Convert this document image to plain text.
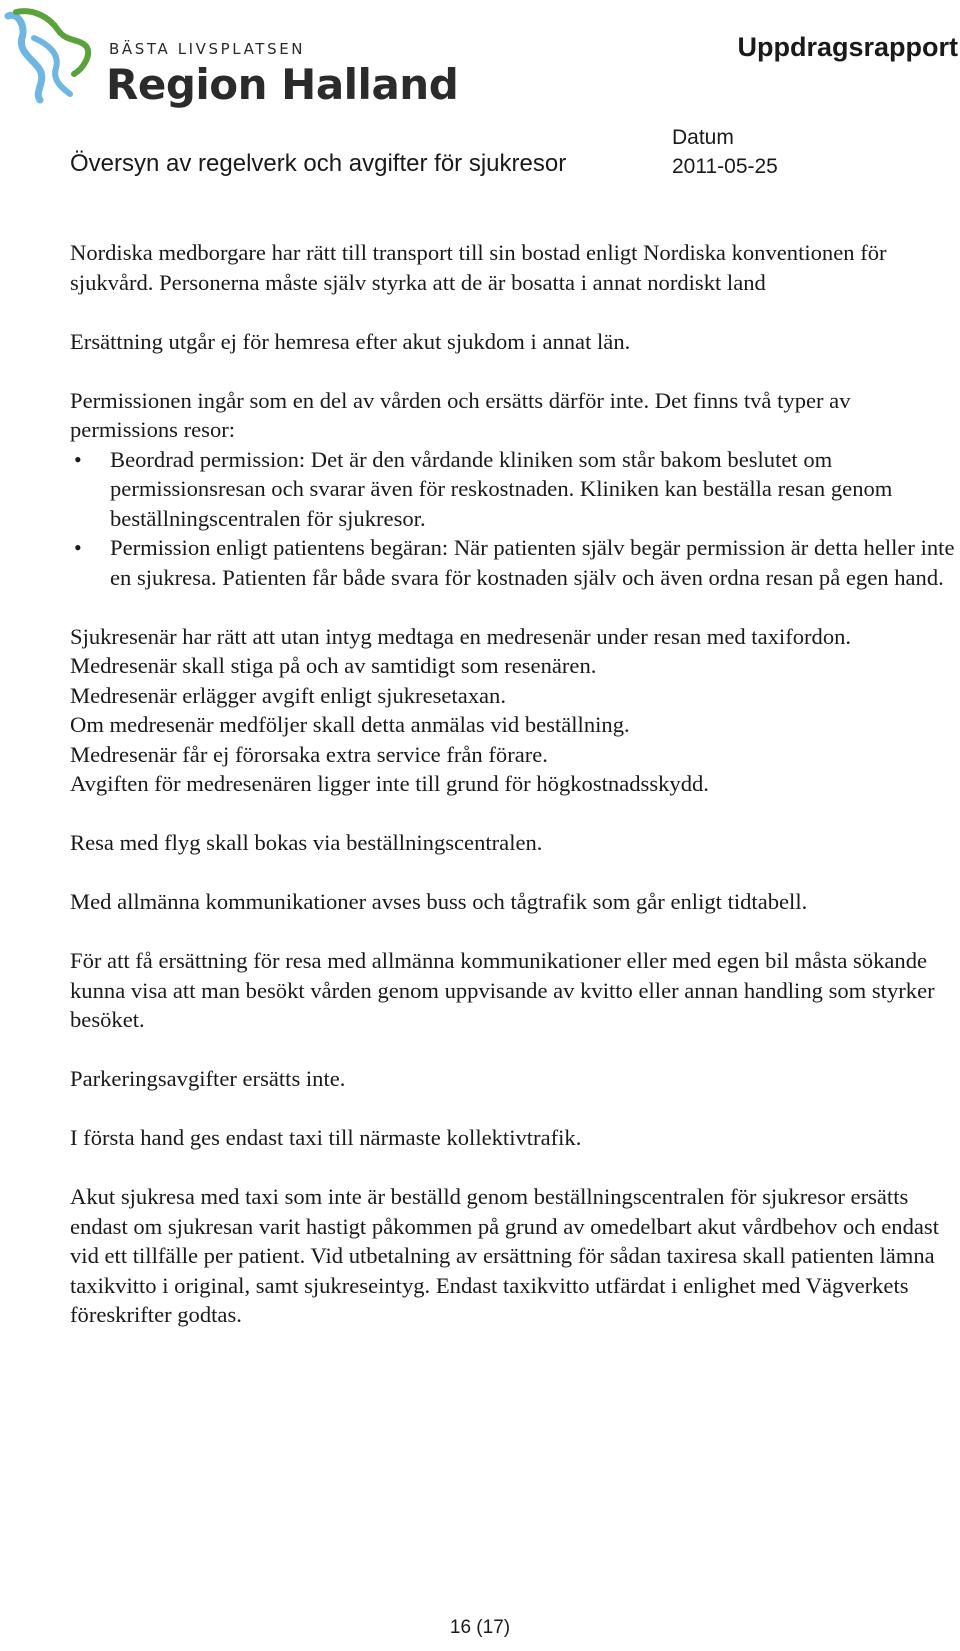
BÄSTA LIVSPLATSEN
Region Halland
Uppdragsrapport
Översyn av regelverk och avgifter för sjukresor
Datum
2011-05-25

Nordiska medborgare har rätt till transport till sin bostad enligt Nordiska konventionen för sjukvård. Personerna måste själv styrka att de är bosatta i annat nordiskt land

Ersättning utgår ej för hemresa efter akut sjukdom i annat län.

Permissionen ingår som en del av vården och ersätts därför inte. Det finns två typer av permissions resor:

• Beordrad permission: Det är den vårdande kliniken som står bakom beslutet om permissionsresan och svarar även för reskostnaden. Kliniken kan beställa resan genom beställningscentralen för sjukresor.
• Permission enligt patientens begäran: När patienten själv begär permission är detta heller inte en sjukresa. Patienten får både svara för kostnaden själv och även ordna resan på egen hand.

Sjukresenär har rätt att utan intyg medtaga en medresenär under resan med taxifordon.

Medresenär skall stiga på och av samtidigt som resenären.

Medresenär erlägger avgift enligt sjukresetaxan.

Om medresenär medföljer skall detta anmälas vid beställning.

Medresenär får ej förorsaka extra service från förare.

Avgiften för medresenären ligger inte till grund för högkostnadsskydd.

Resa med flyg skall bokas via beställningscentralen.

Med allmänna kommunikationer avses buss och tågtrafik som går enligt tidtabell.

För att få ersättning för resa med allmänna kommunikationer eller med egen bil måsta sökande kunna visa att man besökt vården genom uppvisande av kvitto eller annan handling som styrker besöket.

Parkeringsavgifter ersätts inte.

I första hand ges endast taxi till närmaste kollektivtrafik.

Akut sjukresa med taxi som inte är beställd genom beställningscentralen för sjukresor ersätts endast om sjukresan varit hastigt påkommen på grund av omedelbart akut vårdbehov och endast vid ett tillfälle per patient. Vid utbetalning av ersättning för sådan taxiresa skall patienten lämna taxikvitto i original, samt sjukreseintyg. Endast taxikvitto utfärdat i enlighet med Vägverkets föreskrifter godtas.

16 (17)
